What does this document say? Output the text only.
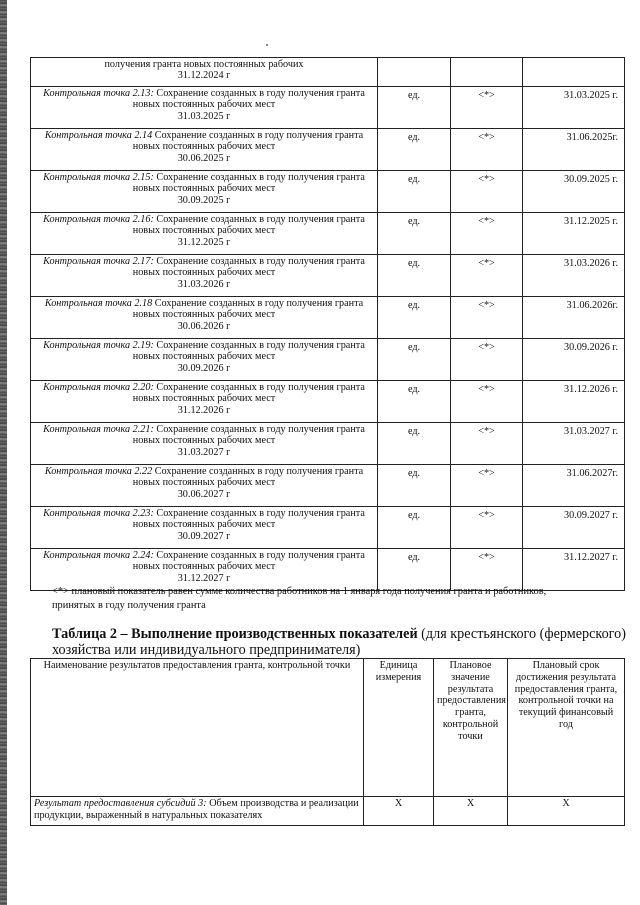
получения гранта новых постоянных рабочих
31.12.2024 г			
Контрольная точка 2.13: Сохранение созданных в году получения гранта новых постоянных рабочих мест
31.03.2025 г	ед.	<*>	31.03.2025 г.
Контрольная точка 2.14 Сохранение созданных в году получения гранта новых постоянных рабочих мест
30.06.2025 г	ед.	<*>	31.06.2025г.
Контрольная точка 2.15: Сохранение созданных в году получения гранта новых постоянных рабочих мест
30.09.2025 г	ед.	<*>	30.09.2025 г.
Контрольная точка 2.16: Сохранение созданных в году получения гранта новых постоянных рабочих мест
31.12.2025 г	ед.	<*>	31.12.2025 г.
Контрольная точка 2.17: Сохранение созданных в году получения гранта новых постоянных рабочих мест
31.03.2026 г	ед.	<*>	31.03.2026 г.
Контрольная точка 2.18 Сохранение созданных в году получения гранта новых постоянных рабочих мест
30.06.2026 г	ед.	<*>	31.06.2026г.
Контрольная точка 2.19: Сохранение созданных в году получения гранта новых постоянных рабочих мест
30.09.2026 г	ед.	<*>	30.09.2026 г.
Контрольная точка 2.20: Сохранение созданных в году получения гранта новых постоянных рабочих мест
31.12.2026 г	ед.	<*>	31.12.2026 г.
Контрольная точка 2.21: Сохранение созданных в году получения гранта новых постоянных рабочих мест
31.03.2027 г	ед.	<*>	31.03.2027 г.
Контрольная точка 2.22 Сохранение созданных в году получения гранта новых постоянных рабочих мест
30.06.2027 г	ед.	<*>	31.06.2027г.
Контрольная точка 2.23: Сохранение созданных в году получения гранта новых постоянных рабочих мест
30.09.2027 г	ед.	<*>	30.09.2027 г.
Контрольная точка 2.24: Сохранение созданных в году получения гранта новых постоянных рабочих мест
31.12.2027 г	ед.	<*>	31.12.2027 г.
<*> плановый показатель равен сумме количества работников на 1 января года получения гранта и работников,
принятых в году получения гранта
Таблица 2 – Выполнение производственных показателей (для крестьянского (фермерского) хозяйства или индивидуального предпринимателя)
Наименование результатов предоставления гранта, контрольной точки	Единица измерения	Плановое значение результата предоставления гранта, контрольной точки	Плановый срок достижения результата предоставления гранта, контрольной точки на текущий финансовый год
Результат предоставления субсидий 3: Объем производства и реализации продукции, выраженный в натуральных показателях	X	X	X
